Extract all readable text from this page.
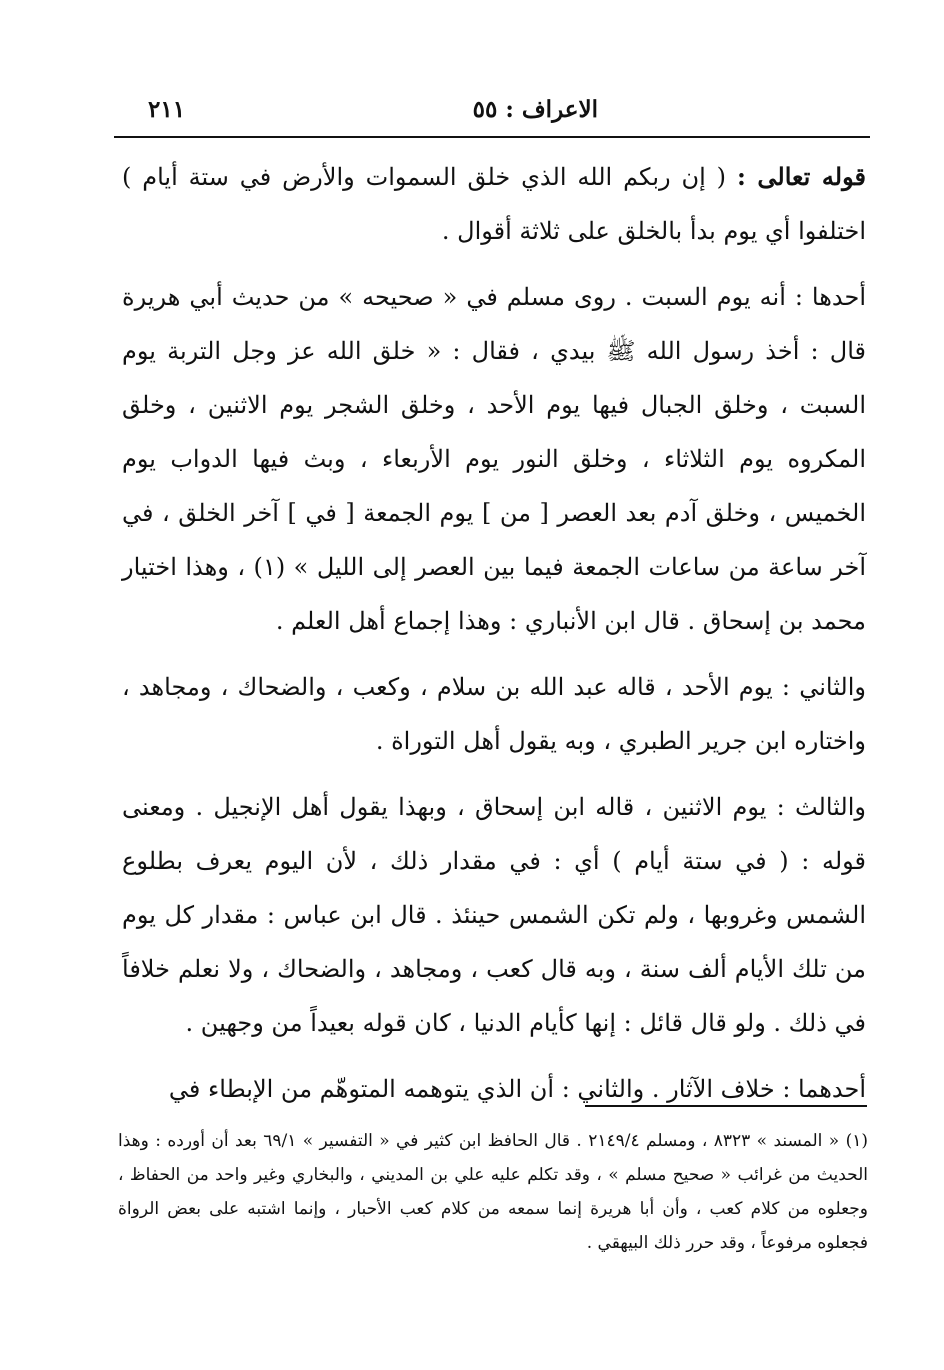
الاعراف : ٥٥
٢١١

قوله تعالى : ( إن ربكم الله الذي خلق السموات والأرض في ستة أيام ) اختلفوا أي يوم بدأ بالخلق على ثلاثة أقوال .

أحدها : أنه يوم السبت . روى مسلم في « صحيحه » من حديث أبي هريرة قال : أخذ رسول الله ﷺ بيدي ، فقال : « خلق الله عز وجل التربة يوم السبت ، وخلق الجبال فيها يوم الأحد ، وخلق الشجر يوم الاثنين ، وخلق المكروه يوم الثلاثاء ، وخلق النور يوم الأربعاء ، وبث فيها الدواب يوم الخميس ، وخلق آدم بعد العصر [ من ] يوم الجمعة [ في ] آخر الخلق ، في آخر ساعة من ساعات الجمعة فيما بين العصر إلى الليل » (١) ، وهذا اختيار محمد بن إسحاق . قال ابن الأنباري : وهذا إجماع أهل العلم .

والثاني : يوم الأحد ، قاله عبد الله بن سلام ، وكعب ، والضحاك ، ومجاهد ، واختاره ابن جرير الطبري ، وبه يقول أهل التوراة .

والثالث : يوم الاثنين ، قاله ابن إسحاق ، وبهذا يقول أهل الإنجيل . ومعنى قوله : ( في ستة أيام ) أي : في مقدار ذلك ، لأن اليوم يعرف بطلوع الشمس وغروبها ، ولم تكن الشمس حينئذ . قال ابن عباس : مقدار كل يوم من تلك الأيام ألف سنة ، وبه قال كعب ، ومجاهد ، والضحاك ، ولا نعلم خلافاً في ذلك . ولو قال قائل : إنها كأيام الدنيا ، كان قوله بعيداً من وجهين .

أحدهما : خلاف الآثار . والثاني : أن الذي يتوهمه المتوهّم من الإبطاء في

(١) « المسند » ٨٣٢٣ ، ومسلم ٢١٤٩/٤ . قال الحافظ ابن كثير في « التفسير » ٦٩/١ بعد أن أورده : وهذا الحديث من غرائب « صحيح مسلم » ، وقد تكلم عليه علي بن المديني ، والبخاري وغير واحد من الحفاظ ، وجعلوه من كلام كعب ، وأن أبا هريرة إنما سمعه من كلام كعب الأحبار ، وإنما اشتبه على بعض الرواة فجعلوه مرفوعاً ، وقد حرر ذلك البيهقي .
